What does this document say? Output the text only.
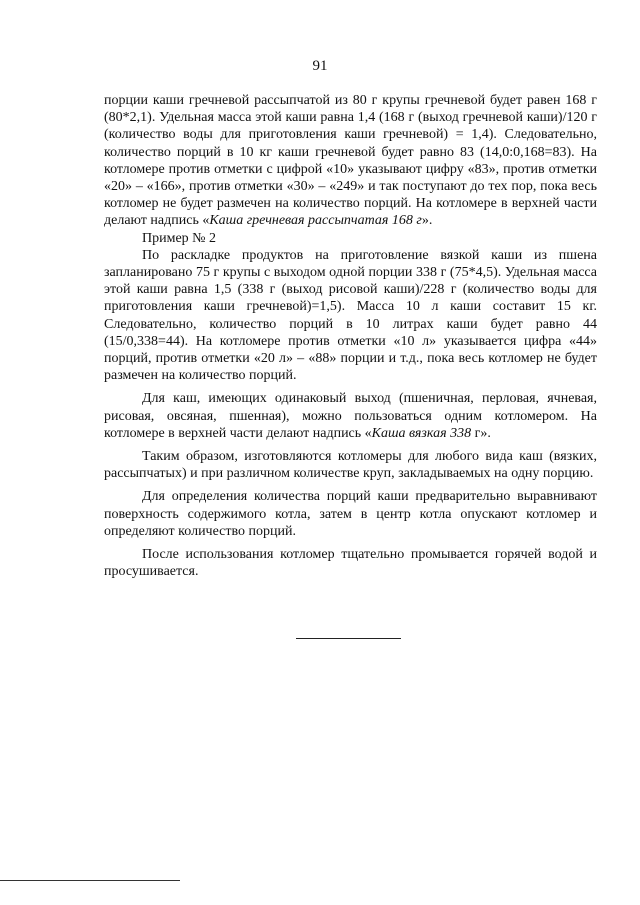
91

порции каши гречневой рассыпчатой из 80 г крупы гречневой будет равен 168 г (80*2,1). Удельная масса этой каши равна 1,4 (168 г (выход гречневой каши)/120 г (количество воды для приготовления каши гречневой) = 1,4). Следовательно, количество порций в 10 кг каши гречневой будет равно 83 (14,0:0,168=83). На котломере против отметки с цифрой «10» указывают цифру «83», против отметки «20» – «166», против отметки «30» – «249» и так поступают до тех пор, пока весь котломер не будет размечен на количество порций. На котломере в верхней части делают надпись «Каша гречневая рассыпчатая 168 г».

Пример № 2

По раскладке продуктов на приготовление вязкой каши из пшена запланировано 75 г крупы с выходом одной порции 338 г (75*4,5). Удельная масса этой каши равна 1,5 (338 г (выход рисовой каши)/228 г (количество воды для приготовления каши гречневой)=1,5). Масса 10 л каши составит 15 кг. Следовательно, количество порций в 10 литрах каши будет равно 44 (15/0,338=44). На котломере против отметки «10 л» указывается цифра «44» порций, против отметки «20 л» – «88» порции и т.д., пока весь котломер не будет размечен на количество порций.

Для каш, имеющих одинаковый выход (пшеничная, перловая, ячневая, рисовая, овсяная, пшенная), можно пользоваться одним котломером. На котломере в верхней части делают надпись «Каша вязкая 338 г».

Таким образом, изготовляются котломеры для любого вида каш (вязких, рассыпчатых) и при различном количестве круп, закладываемых на одну порцию.

Для определения количества порций каши предварительно выравнивают поверхность содержимого котла, затем в центр котла опускают котломер и определяют количество порций.

После использования котломер тщательно промывается горячей водой и просушивается.
